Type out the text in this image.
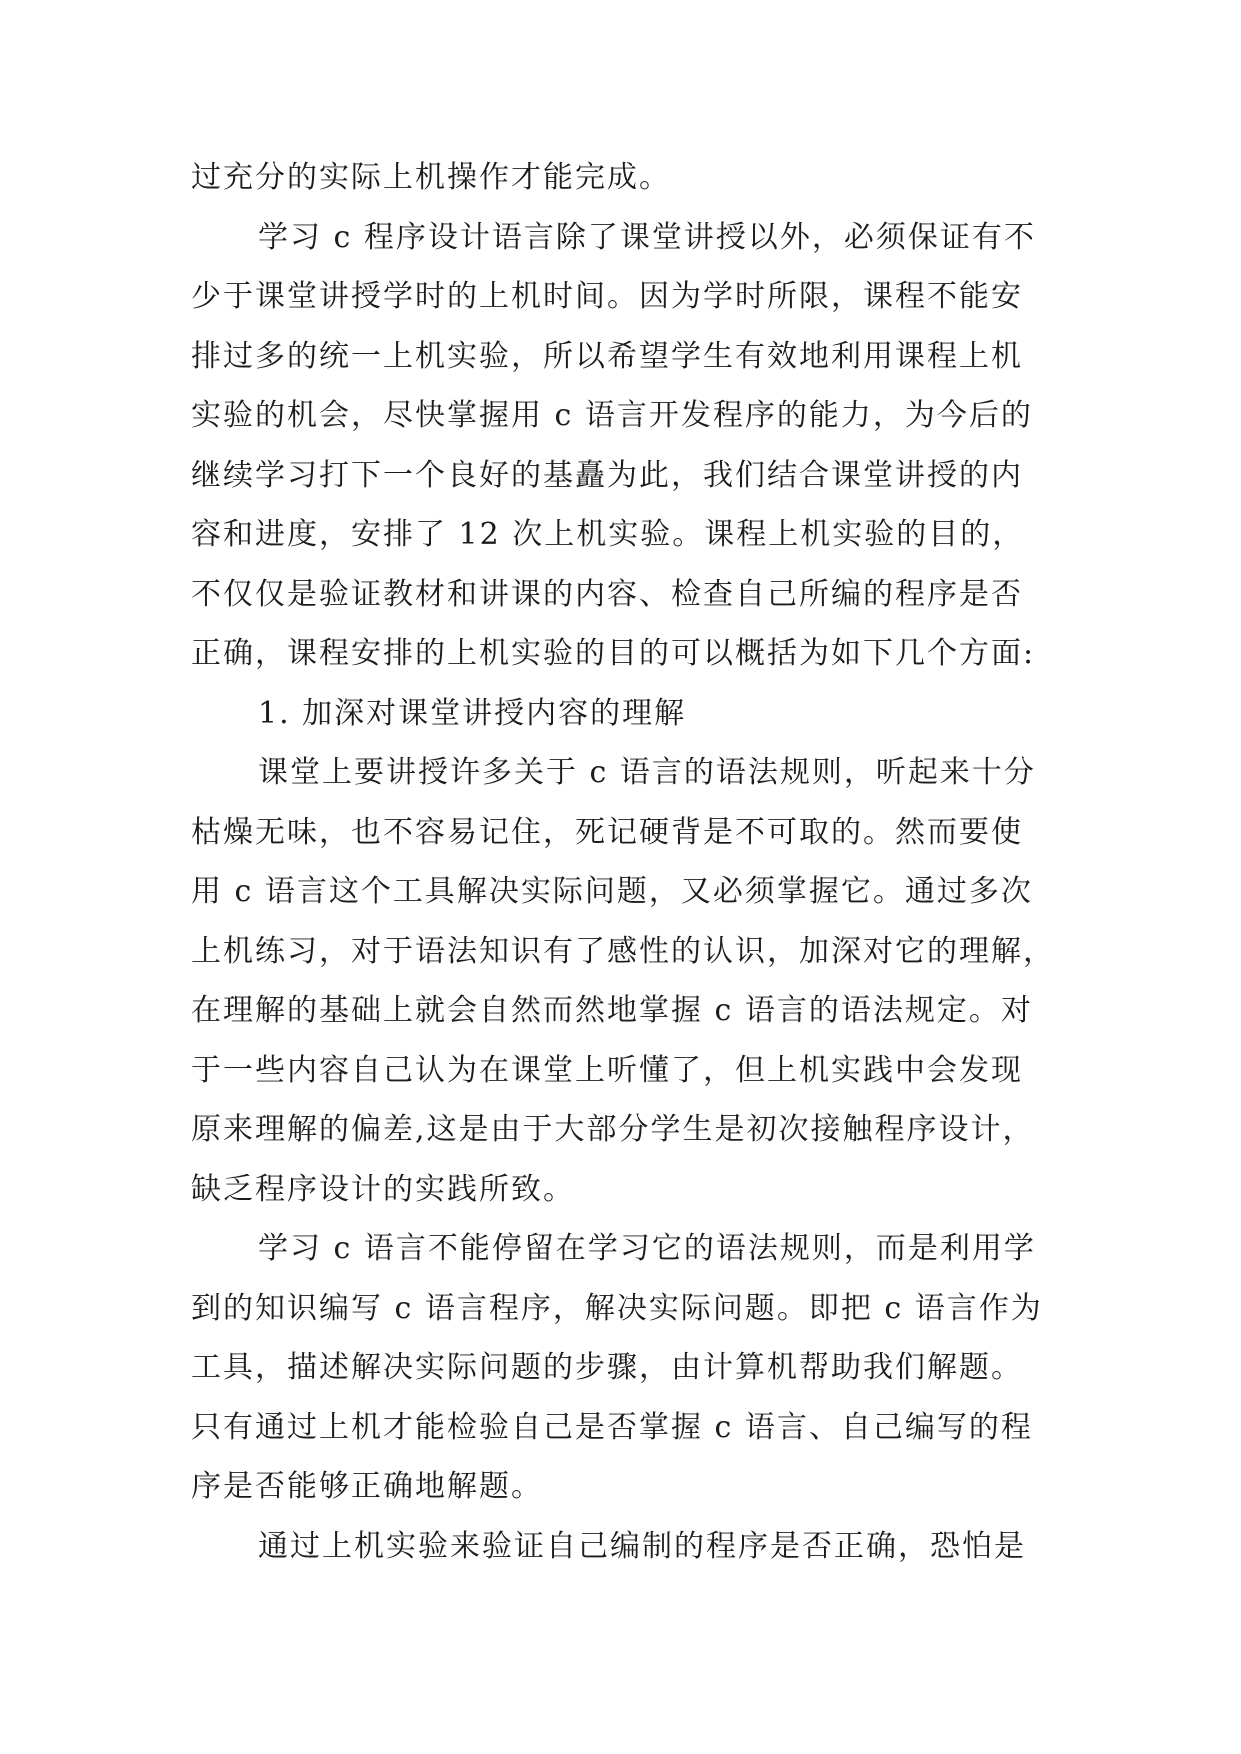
过充分的实际上机操作才能完成。
学习 c 程序设计语言除了课堂讲授以外，必须保证有不
少于课堂讲授学时的上机时间。因为学时所限，课程不能安
排过多的统一上机实验，所以希望学生有效地利用课程上机
实验的机会，尽快掌握用 c 语言开发程序的能力，为今后的
继续学习打下一个良好的基矗为此，我们结合课堂讲授的内
容和进度，安排了 12 次上机实验。课程上机实验的目的，
不仅仅是验证教材和讲课的内容、检查自己所编的程序是否
正确，课程安排的上机实验的目的可以概括为如下几个方面:
1. 加深对课堂讲授内容的理解
课堂上要讲授许多关于 c 语言的语法规则，听起来十分
枯燥无味，也不容易记住，死记硬背是不可取的。然而要使
用 c 语言这个工具解决实际问题，又必须掌握它。通过多次
上机练习，对于语法知识有了感性的认识，加深对它的理解，
在理解的基础上就会自然而然地掌握 c 语言的语法规定。对
于一些内容自己认为在课堂上听懂了，但上机实践中会发现
原来理解的偏差,这是由于大部分学生是初次接触程序设计，
缺乏程序设计的实践所致。
学习 c 语言不能停留在学习它的语法规则，而是利用学
到的知识编写 c 语言程序，解决实际问题。即把 c 语言作为
工具，描述解决实际问题的步骤，由计算机帮助我们解题。
只有通过上机才能检验自己是否掌握 c 语言、自己编写的程
序是否能够正确地解题。
通过上机实验来验证自己编制的程序是否正确，恐怕是
